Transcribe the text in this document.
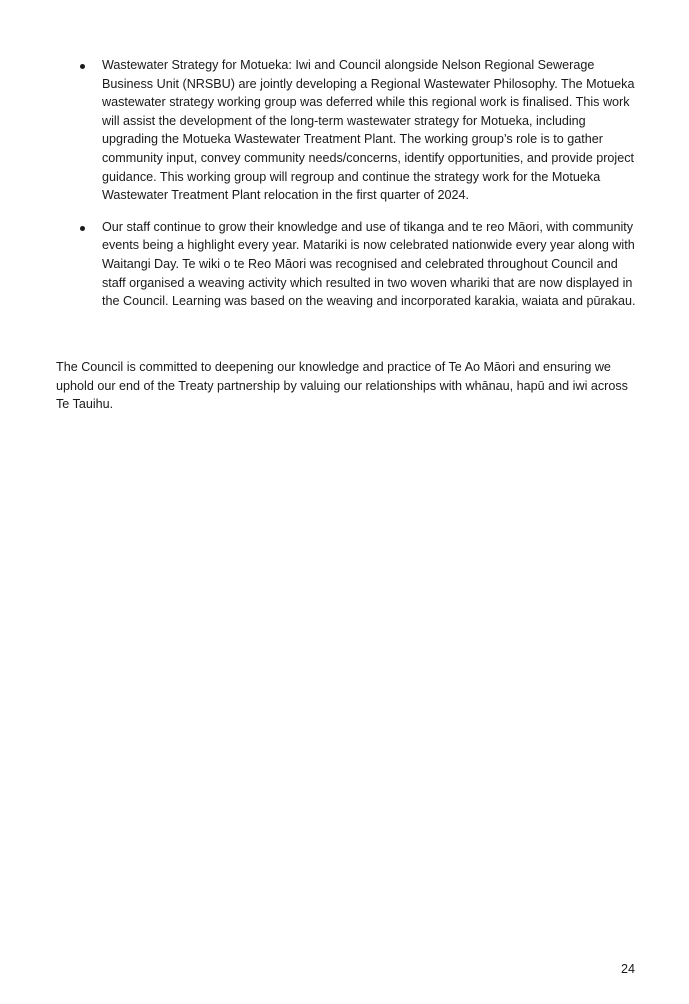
Wastewater Strategy for Motueka: Iwi and Council alongside Nelson Regional Sewerage Business Unit (NRSBU) are jointly developing a Regional Wastewater Philosophy. The Motueka wastewater strategy working group was deferred while this regional work is finalised. This work will assist the development of the long-term wastewater strategy for Motueka, including upgrading the Motueka Wastewater Treatment Plant. The working group’s role is to gather community input, convey community needs/concerns, identify opportunities, and provide project guidance. This working group will regroup and continue the strategy work for the Motueka Wastewater Treatment Plant relocation in the first quarter of 2024.
Our staff continue to grow their knowledge and use of tikanga and te reo Māori, with community events being a highlight every year. Matariki is now celebrated nationwide every year along with Waitangi Day. Te wiki o te Reo Māori was recognised and celebrated throughout Council and staff organised a weaving activity which resulted in two woven whariki that are now displayed in the Council. Learning was based on the weaving and incorporated karakia, waiata and pūrakau.

The Council is committed to deepening our knowledge and practice of Te Ao Māori and ensuring we uphold our end of the Treaty partnership by valuing our relationships with whānau, hapū and iwi across Te Tauihu.

24
